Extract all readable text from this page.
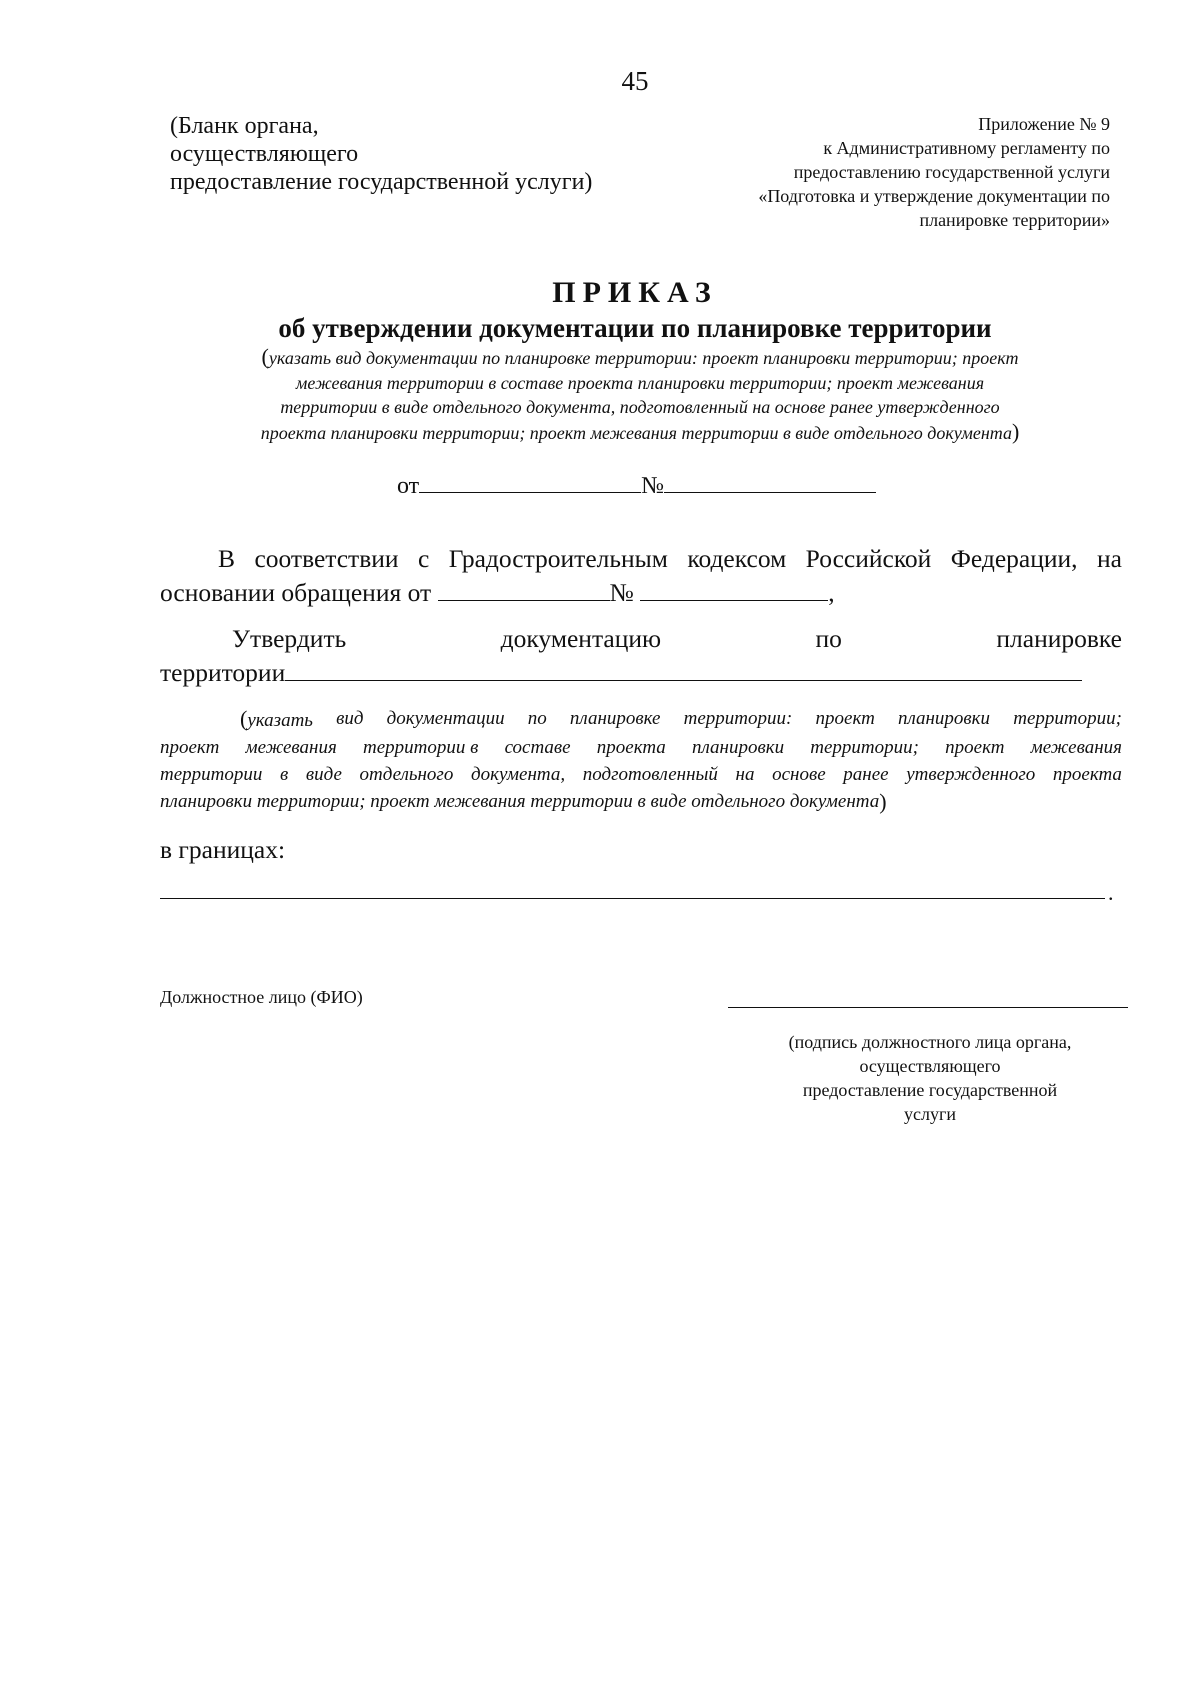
45
(Бланк органа,
осуществляющего
предоставление государственной услуги)
Приложение № 9
к Административному регламенту по
предоставлению государственной услуги
«Подготовка и утверждение документации по
планировке территории»
ПРИКАЗ
об утверждении документации по планировке территории
(указать вид документации по планировке территории: проект планировки территории; проект
межевания территории в составе проекта планировки территории; проект межевания
территории в виде отдельного документа, подготовленный на основе ранее утвержденного
проекта планировки территории; проект межевания территории в виде отдельного документа)
от	№
В соответствии с Градостроительным кодексом Российской Федерации, на
основании обращения от	№	,
Утвердить	документацию	по	планировке
территории
(указать вид документации по планировке территории: проект планировки территории;
проект межевания территории в составе проекта планировки территории; проект межевания
территории в виде отдельного документа, подготовленный на основе ранее утвержденного проекта
планировки территории; проект межевания территории в виде отдельного документа )
в границах:
.
Должностное лицо (ФИО)
(подпись должностного лица органа,
осуществляющего
предоставление государственной
услуги
